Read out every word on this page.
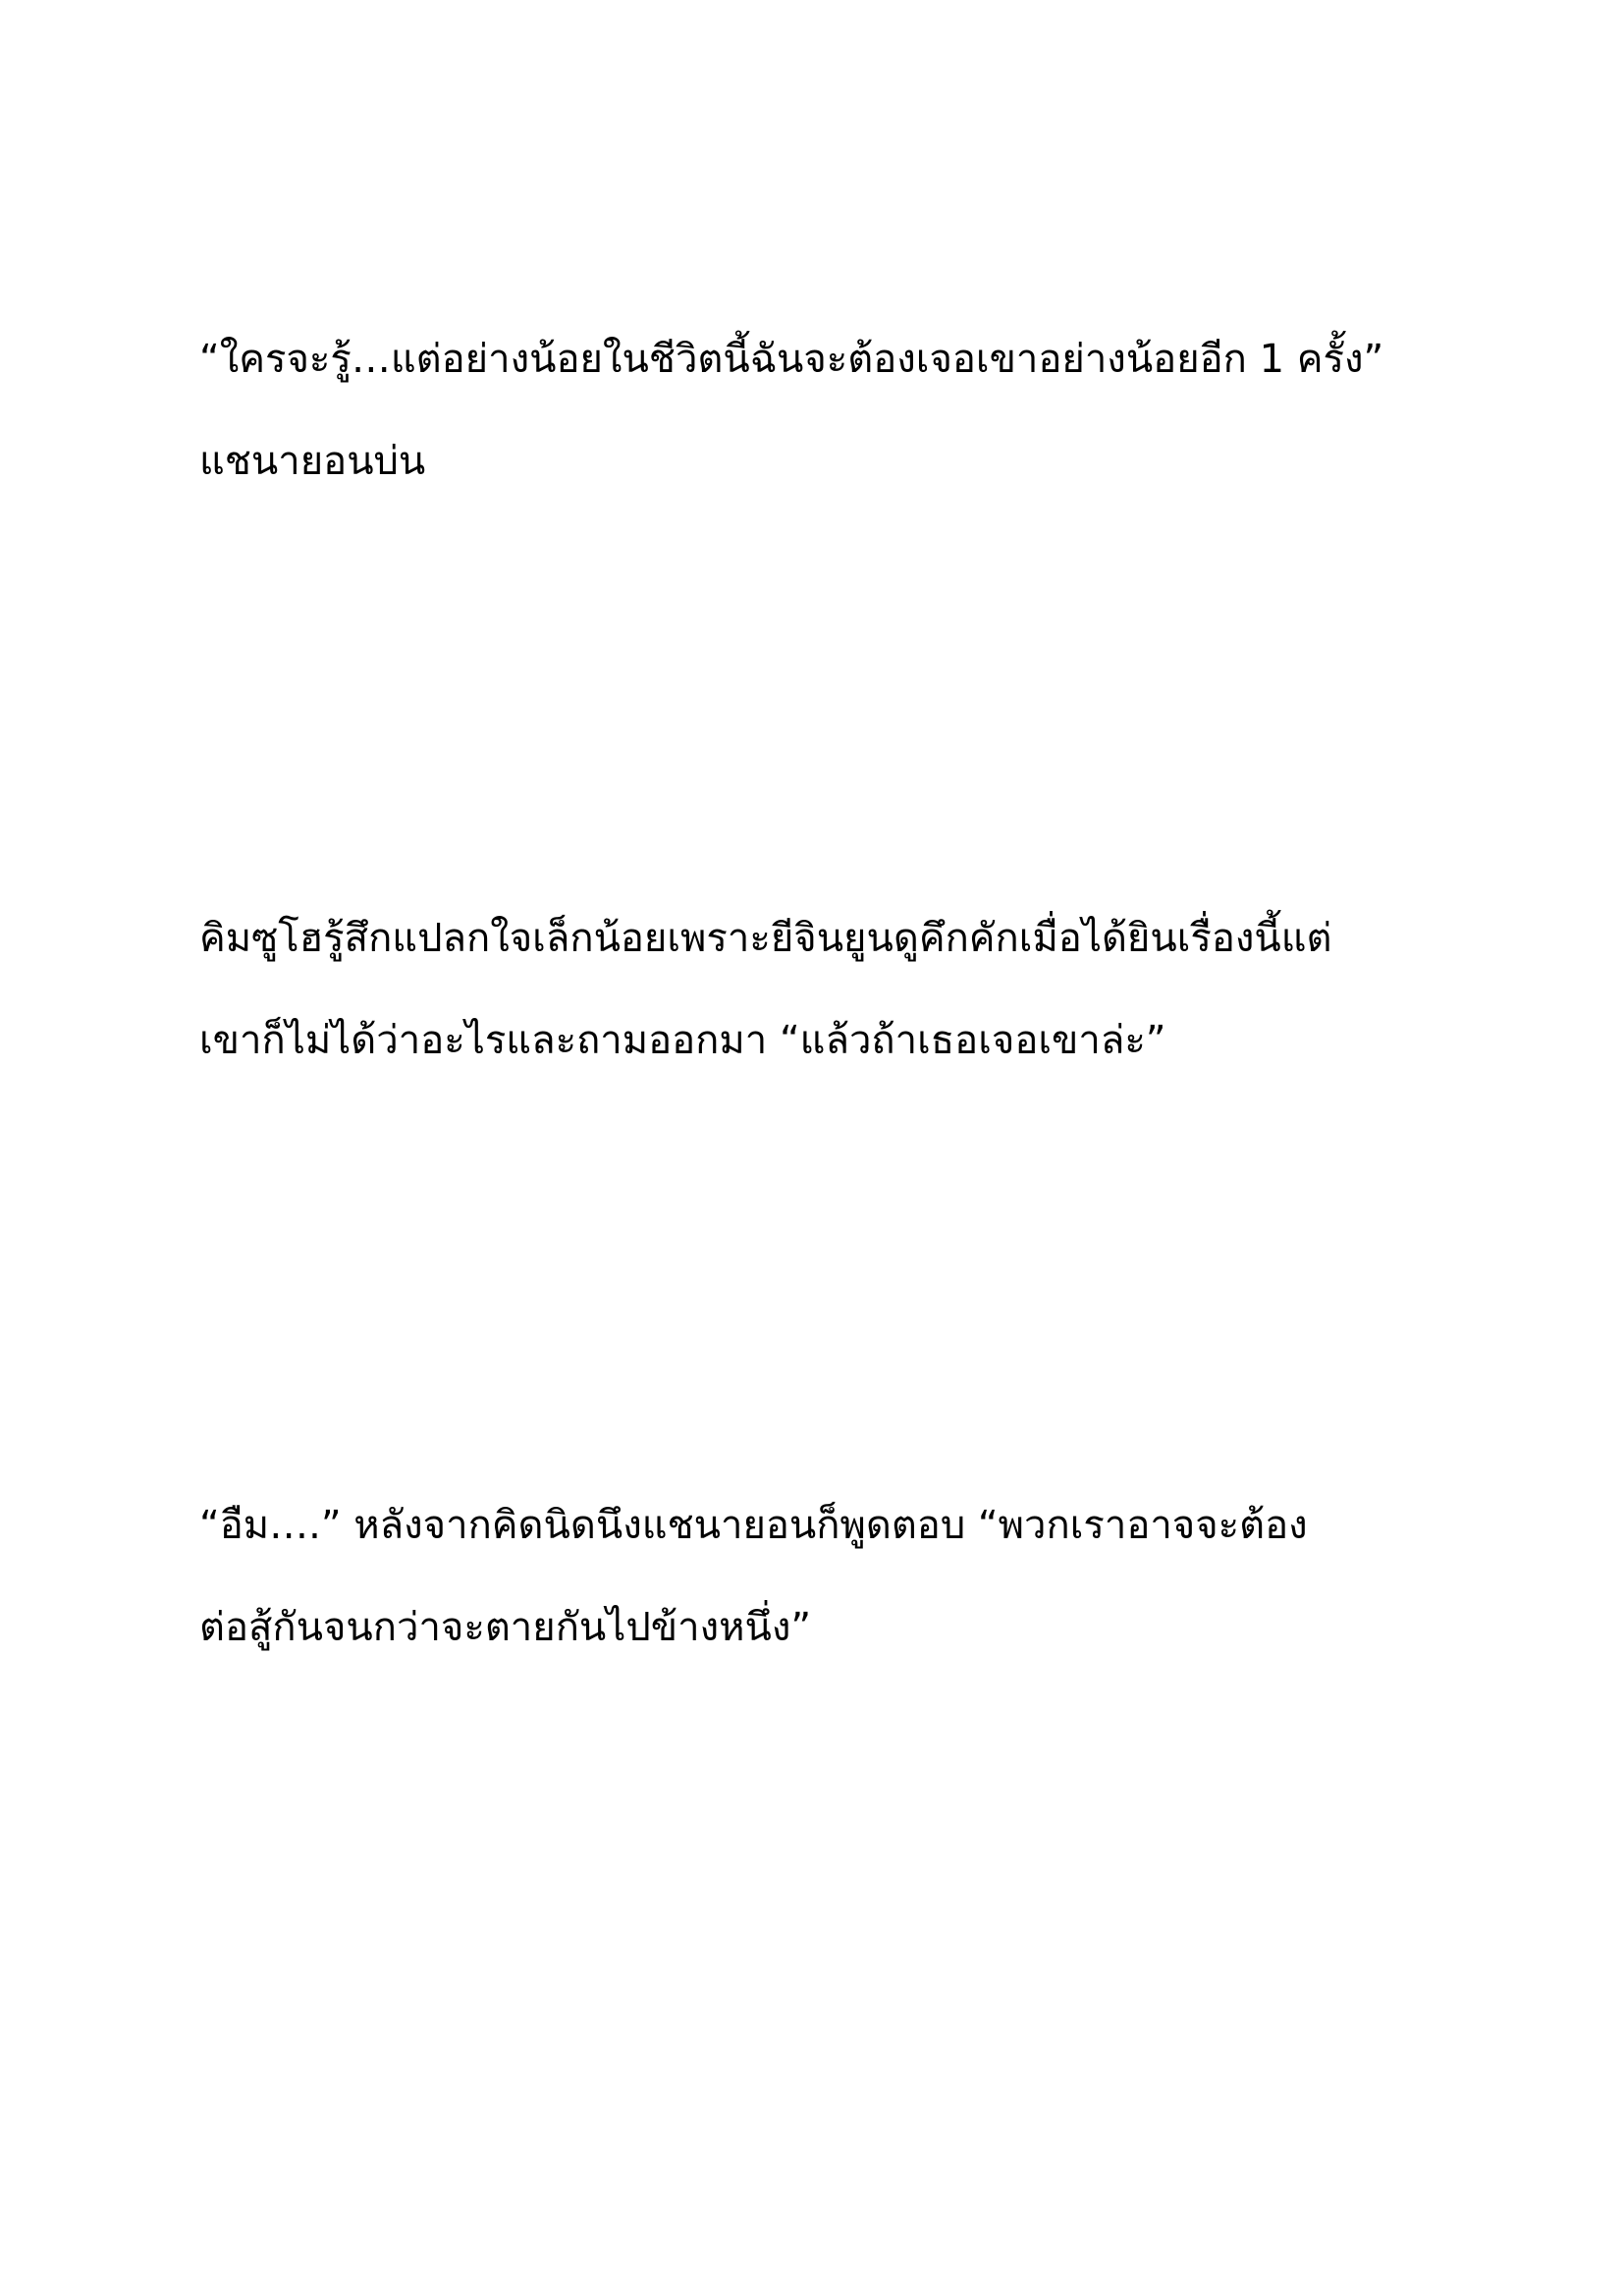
“ใครจะรู้…แต่อย่างน้อยในชีวิตนี้ฉันจะต้องเจอเขาอย่างน้อยอีก 1 ครั้ง”
แชนายอนบ่น
คิมซูโฮรู้สึกแปลกใจเล็กน้อยเพราะยีจินยูนดูคึกคักเมื่อได้ยินเรื่องนี้แต่
เขาก็ไม่ได้ว่าอะไรและถามออกมา “แล้วถ้าเธอเจอเขาล่ะ”
“อืม….” หลังจากคิดนิดนึงแชนายอนก็พูดตอบ “พวกเราอาจจะต้อง
ต่อสู้กันจนกว่าจะตายกันไปข้างหนึ่ง”
